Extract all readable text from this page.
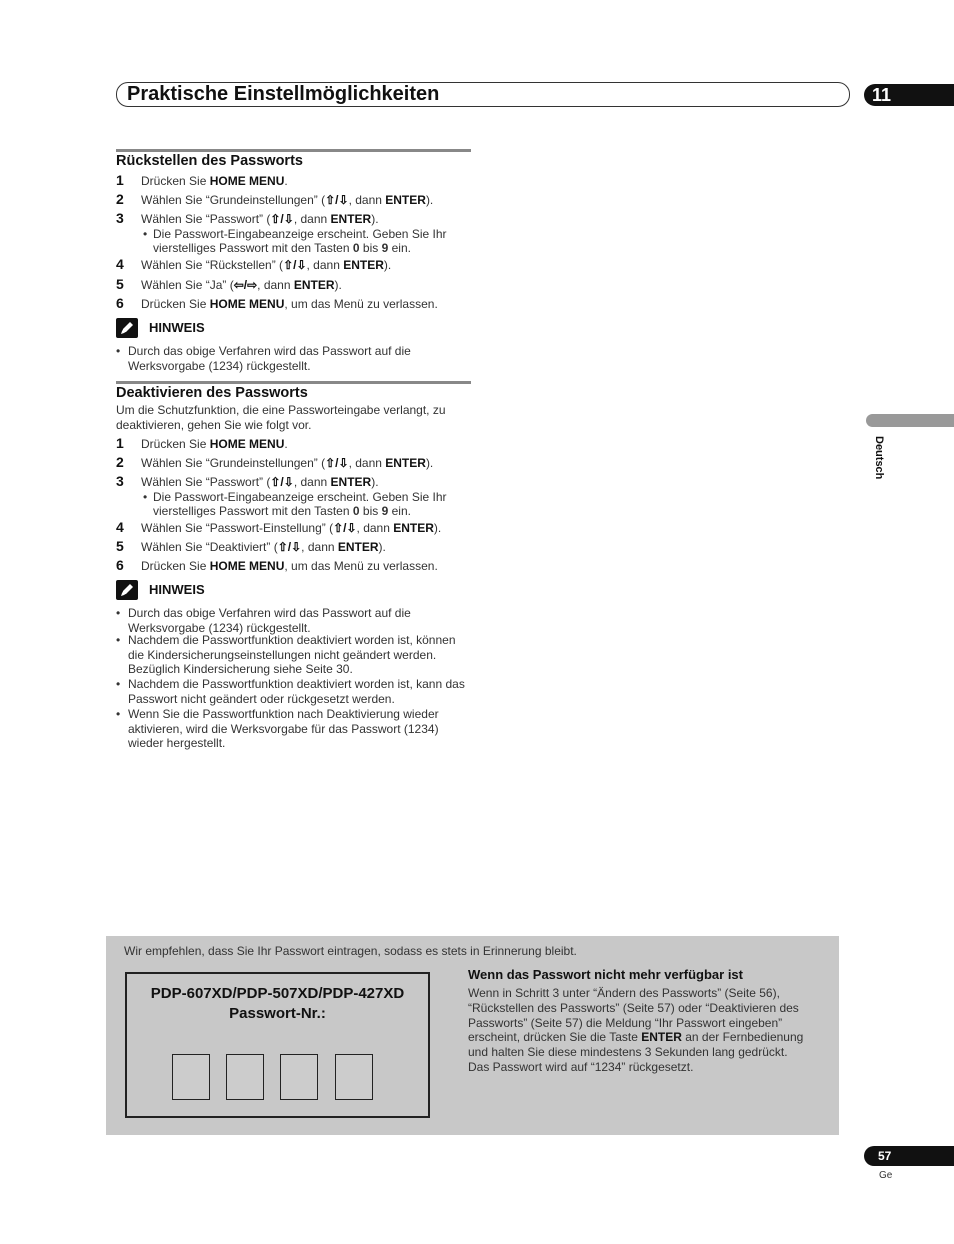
Praktische Einstellmöglichkeiten	11
Rückstellen des Passworts
1 Drücken Sie HOME MENU.
2 Wählen Sie “Grundeinstellungen” (⇧/⇩, dann ENTER).
3 Wählen Sie “Passwort” (⇧/⇩, dann ENTER).
• Die Passwort-Eingabeanzeige erscheint. Geben Sie Ihr vierstelliges Passwort mit den Tasten 0 bis 9 ein.
4 Wählen Sie “Rückstellen” (⇧/⇩, dann ENTER).
5 Wählen Sie “Ja” (⇦/⇨, dann ENTER).
6 Drücken Sie HOME MENU, um das Menü zu verlassen.
HINWEIS
• Durch das obige Verfahren wird das Passwort auf die Werksvorgabe (1234) rückgestellt.
Deaktivieren des Passworts
Um die Schutzfunktion, die eine Passworteingabe verlangt, zu deaktivieren, gehen Sie wie folgt vor.
1 Drücken Sie HOME MENU.
2 Wählen Sie “Grundeinstellungen” (⇧/⇩, dann ENTER).
3 Wählen Sie “Passwort” (⇧/⇩, dann ENTER).
• Die Passwort-Eingabeanzeige erscheint. Geben Sie Ihr vierstelliges Passwort mit den Tasten 0 bis 9 ein.
4 Wählen Sie “Passwort-Einstellung” (⇧/⇩, dann ENTER).
5 Wählen Sie “Deaktiviert” (⇧/⇩, dann ENTER).
6 Drücken Sie HOME MENU, um das Menü zu verlassen.
HINWEIS
• Durch das obige Verfahren wird das Passwort auf die Werksvorgabe (1234) rückgestellt.
• Nachdem die Passwortfunktion deaktiviert worden ist, können die Kindersicherungseinstellungen nicht geändert werden. Bezüglich Kindersicherung siehe Seite 30.
• Nachdem die Passwortfunktion deaktiviert worden ist, kann das Passwort nicht geändert oder rückgesetzt werden.
• Wenn Sie die Passwortfunktion nach Deaktivierung wieder aktivieren, wird die Werksvorgabe für das Passwort (1234) wieder hergestellt.
Deutsch
Wir empfehlen, dass Sie Ihr Passwort eintragen, sodass es stets in Erinnerung bleibt.
PDP-607XD/PDP-507XD/PDP-427XD
Passwort-Nr.:
Wenn das Passwort nicht mehr verfügbar ist
Wenn in Schritt 3 unter “Ändern des Passworts” (Seite 56), “Rückstellen des Passworts” (Seite 57) oder “Deaktivieren des Passworts” (Seite 57) die Meldung “Ihr Passwort eingeben” erscheint, drücken Sie die Taste ENTER an der Fernbedienung und halten Sie diese mindestens 3 Sekunden lang gedrückt.
Das Passwort wird auf “1234” rückgesetzt.
57
Ge
